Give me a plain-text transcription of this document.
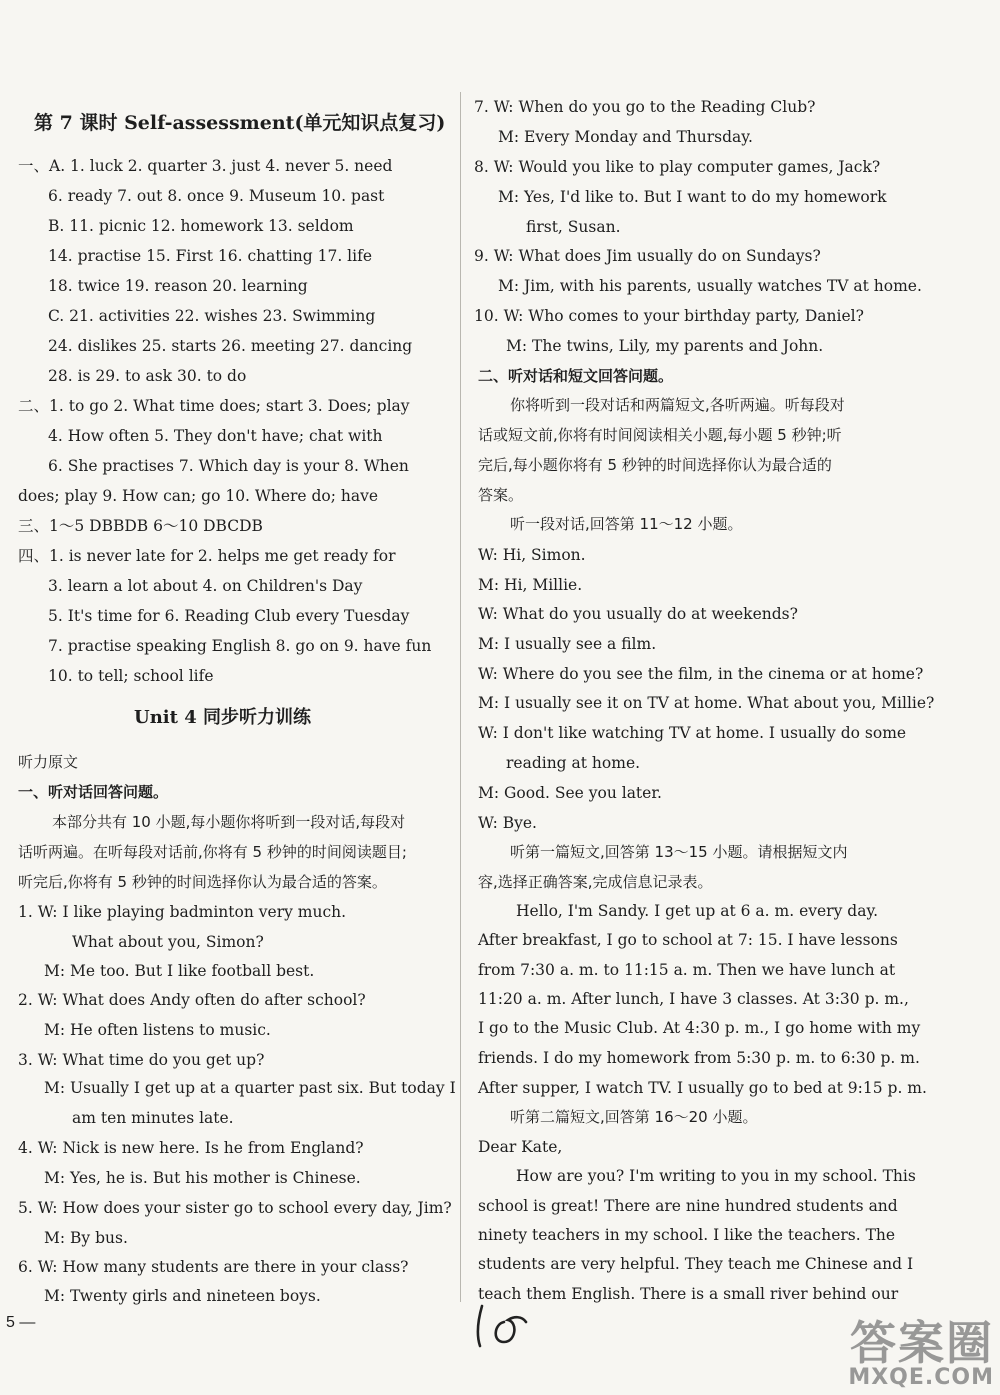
第 7 课时 Self-assessment(单元知识点复习)
一、A. 1. luck 2. quarter 3. just 4. never 5. need
6. ready 7. out 8. once 9. Museum 10. past
B. 11. picnic 12. homework 13. seldom
14. practise 15. First 16. chatting 17. life
18. twice 19. reason 20. learning
C. 21. activities 22. wishes 23. Swimming
24. dislikes 25. starts 26. meeting 27. dancing
28. is 29. to ask 30. to do
二、1. to go 2. What time does; start 3. Does; play
4. How often 5. They don't have; chat with
6. She practises 7. Which day is your 8. When
does; play 9. How can; go 10. Where do; have
三、1～5 DBBDB 6～10 DBCDB
四、1. is never late for 2. helps me get ready for
3. learn a lot about 4. on Children's Day
5. It's time for 6. Reading Club every Tuesday
7. practise speaking English 8. go on 9. have fun
10. to tell; school life
Unit 4 同步听力训练
听力原文
一、听对话回答问题。
本部分共有 10 小题,每小题你将听到一段对话,每段对
话听两遍。在听每段对话前,你将有 5 秒钟的时间阅读题目;
听完后,你将有 5 秒钟的时间选择你认为最合适的答案。
1. W: I like playing badminton very much.
What about you, Simon?
M: Me too. But I like football best.
2. W: What does Andy often do after school?
M: He often listens to music.
3. W: What time do you get up?
M: Usually I get up at a quarter past six. But today I
am ten minutes late.
4. W: Nick is new here. Is he from England?
M: Yes, he is. But his mother is Chinese.
5. W: How does your sister go to school every day, Jim?
M: By bus.
6. W: How many students are there in your class?
M: Twenty girls and nineteen boys.
7. W: When do you go to the Reading Club?
M: Every Monday and Thursday.
8. W: Would you like to play computer games, Jack?
M: Yes, I'd like to. But I want to do my homework
first, Susan.
9. W: What does Jim usually do on Sundays?
M: Jim, with his parents, usually watches TV at home.
10. W: Who comes to your birthday party, Daniel?
M: The twins, Lily, my parents and John.
二、听对话和短文回答问题。
你将听到一段对话和两篇短文,各听两遍。听每段对
话或短文前,你将有时间阅读相关小题,每小题 5 秒钟;听
完后,每小题你将有 5 秒钟的时间选择你认为最合适的
答案。
听一段对话,回答第 11～12 小题。
W: Hi, Simon.
M: Hi, Millie.
W: What do you usually do at weekends?
M: I usually see a film.
W: Where do you see the film, in the cinema or at home?
M: I usually see it on TV at home. What about you, Millie?
W: I don't like watching TV at home. I usually do some
reading at home.
M: Good. See you later.
W: Bye.
听第一篇短文,回答第 13～15 小题。请根据短文内
容,选择正确答案,完成信息记录表。
Hello, I'm Sandy. I get up at 6 a. m. every day.
After breakfast, I go to school at 7: 15. I have lessons
from 7:30 a. m. to 11:15 a. m. Then we have lunch at
11:20 a. m. After lunch, I have 3 classes. At 3:30 p. m.,
I go to the Music Club. At 4:30 p. m., I go home with my
friends. I do my homework from 5:30 p. m. to 6:30 p. m.
After supper, I watch TV. I usually go to bed at 9:15 p. m.
听第二篇短文,回答第 16～20 小题。
Dear Kate,
How are you? I'm writing to you in my school. This
school is great! There are nine hundred students and
ninety teachers in my school. I like the teachers. The
students are very helpful. They teach me Chinese and I
teach them English. There is a small river behind our
5 —	答案圈
MXQE.COM
